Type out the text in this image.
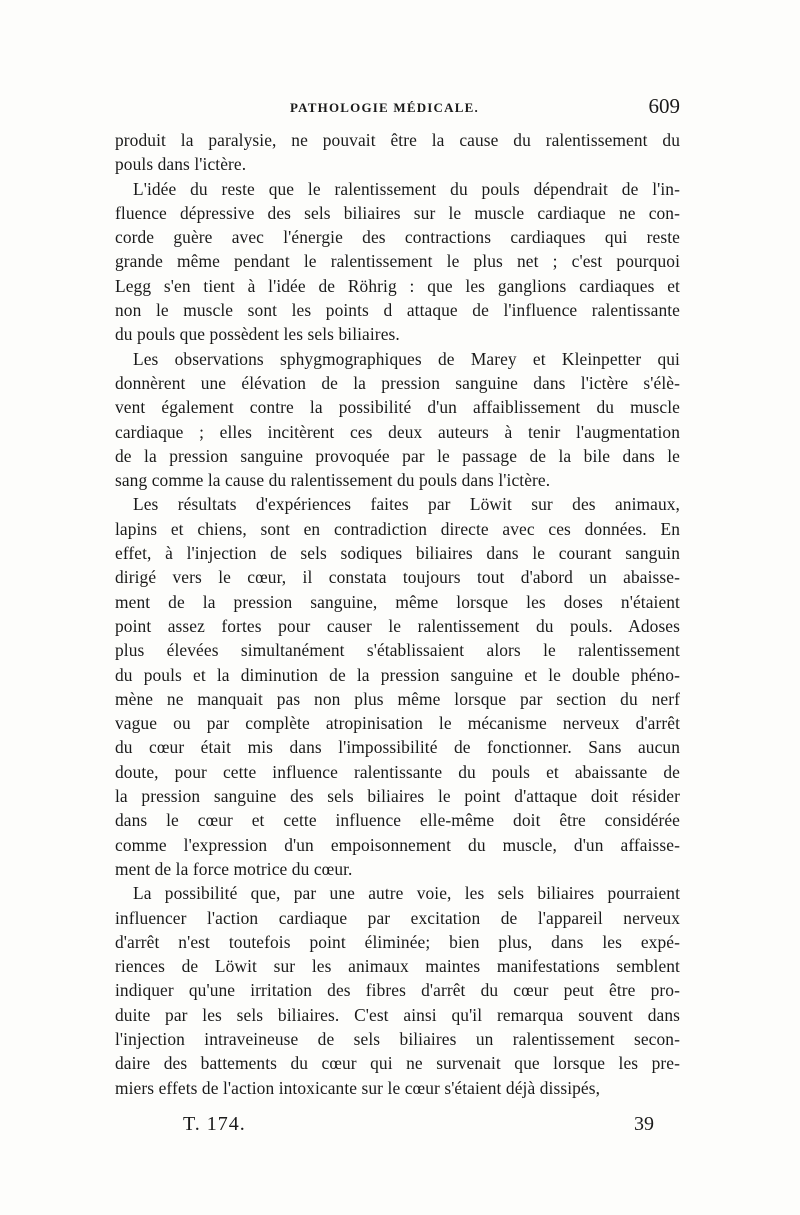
PATHOLOGIE MÉDICALE.	609
produit la paralysie, ne pouvait être la cause du ralentissement du
pouls dans l'ictère.
L'idée du reste que le ralentissement du pouls dépendrait de l'in-
fluence dépressive des sels biliaires sur le muscle cardiaque ne con-
corde guère avec l'énergie des contractions cardiaques qui reste
grande même pendant le ralentissement le plus net ; c'est pourquoi
Legg s'en tient à l'idée de Röhrig : que les ganglions cardiaques et
non le muscle sont les points d attaque de l'influence ralentissante
du pouls que possèdent les sels biliaires.
Les observations sphygmographiques de Marey et Kleinpetter qui
donnèrent une élévation de la pression sanguine dans l'ictère s'élè-
vent également contre la possibilité d'un affaiblissement du muscle
cardiaque ; elles incitèrent ces deux auteurs à tenir l'augmentation
de la pression sanguine provoquée par le passage de la bile dans le
sang comme la cause du ralentissement du pouls dans l'ictère.
Les résultats d'expériences faites par Löwit sur des animaux,
lapins et chiens, sont en contradiction directe avec ces données. En
effet, à l'injection de sels sodiques biliaires dans le courant sanguin
dirigé vers le cœur, il constata toujours tout d'abord un abaisse-
ment de la pression sanguine, même lorsque les doses n'étaient
point assez fortes pour causer le ralentissement du pouls. Adoses
plus élevées simultanément s'établissaient alors le ralentissement
du pouls et la diminution de la pression sanguine et le double phéno-
mène ne manquait pas non plus même lorsque par section du nerf
vague ou par complète atropinisation le mécanisme nerveux d'arrêt
du cœur était mis dans l'impossibilité de fonctionner. Sans aucun
doute, pour cette influence ralentissante du pouls et abaissante de
la pression sanguine des sels biliaires le point d'attaque doit résider
dans le cœur et cette influence elle-même doit être considérée
comme l'expression d'un empoisonnement du muscle, d'un affaisse-
ment de la force motrice du cœur.
La possibilité que, par une autre voie, les sels biliaires pourraient
influencer l'action cardiaque par excitation de l'appareil nerveux
d'arrêt n'est toutefois point éliminée; bien plus, dans les expé-
riences de Löwit sur les animaux maintes manifestations semblent
indiquer qu'une irritation des fibres d'arrêt du cœur peut être pro-
duite par les sels biliaires. C'est ainsi qu'il remarqua souvent dans
l'injection intraveineuse de sels biliaires un ralentissement secon-
daire des battements du cœur qui ne survenait que lorsque les pre-
miers effets de l'action intoxicante sur le cœur s'étaient déjà dissipés,
T. 174.	39
